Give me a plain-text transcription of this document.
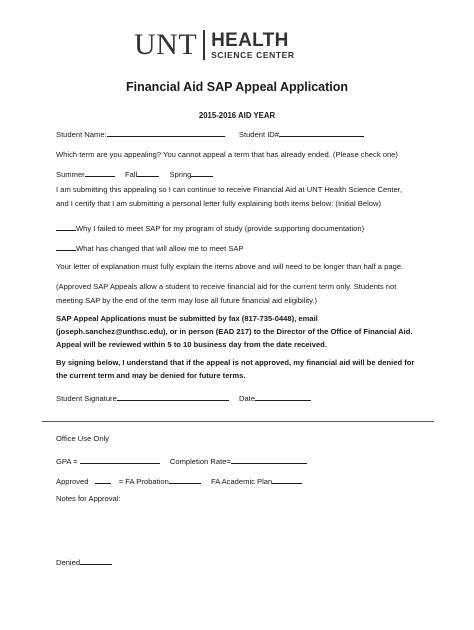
UNT HEALTH
SCIENCE CENTER
Financial Aid SAP Appeal Application
2015-2016 AID YEAR
Student Name:	Student ID#
Which term are you appealing? You cannot appeal a term that has already ended. (Please check one)
Summer	Fall	Spring
I am submitting this appealing so I can continue to receive Financial Aid at UNT Health Science Center,
and I certify that I am submitting a personal letter fully explaining both items below: (Initial Below)
Why I failed to meet SAP for my program of study (provide supporting documentation)
What has changed that will allow me to meet SAP
Your letter of explanation must fully explain the items above and will need to be longer than half a page.
(Approved SAP Appeals allow a student to receive financial aid for the current term only. Students not
meeting SAP by the end of the term may lose all future financial aid eligibility.)
SAP Appeal Applications must be submitted by fax (817-735-0448), email
(joseph.sanchez@unthsc.edu), or in person (EAD 217) to the Director of the Office of Financial Aid.
Appeal will be reviewed within 5 to 10 business day from the date received.
By signing below, I understand that if the appeal is not approved, my financial aid will be denied for
the current term and may be denied for future terms.
Student Signature	Date
Office Use Only
GPA =	Completion Rate=
Approved	= FA Probation	FA Academic Plan
Notes for Approval:
Denied
